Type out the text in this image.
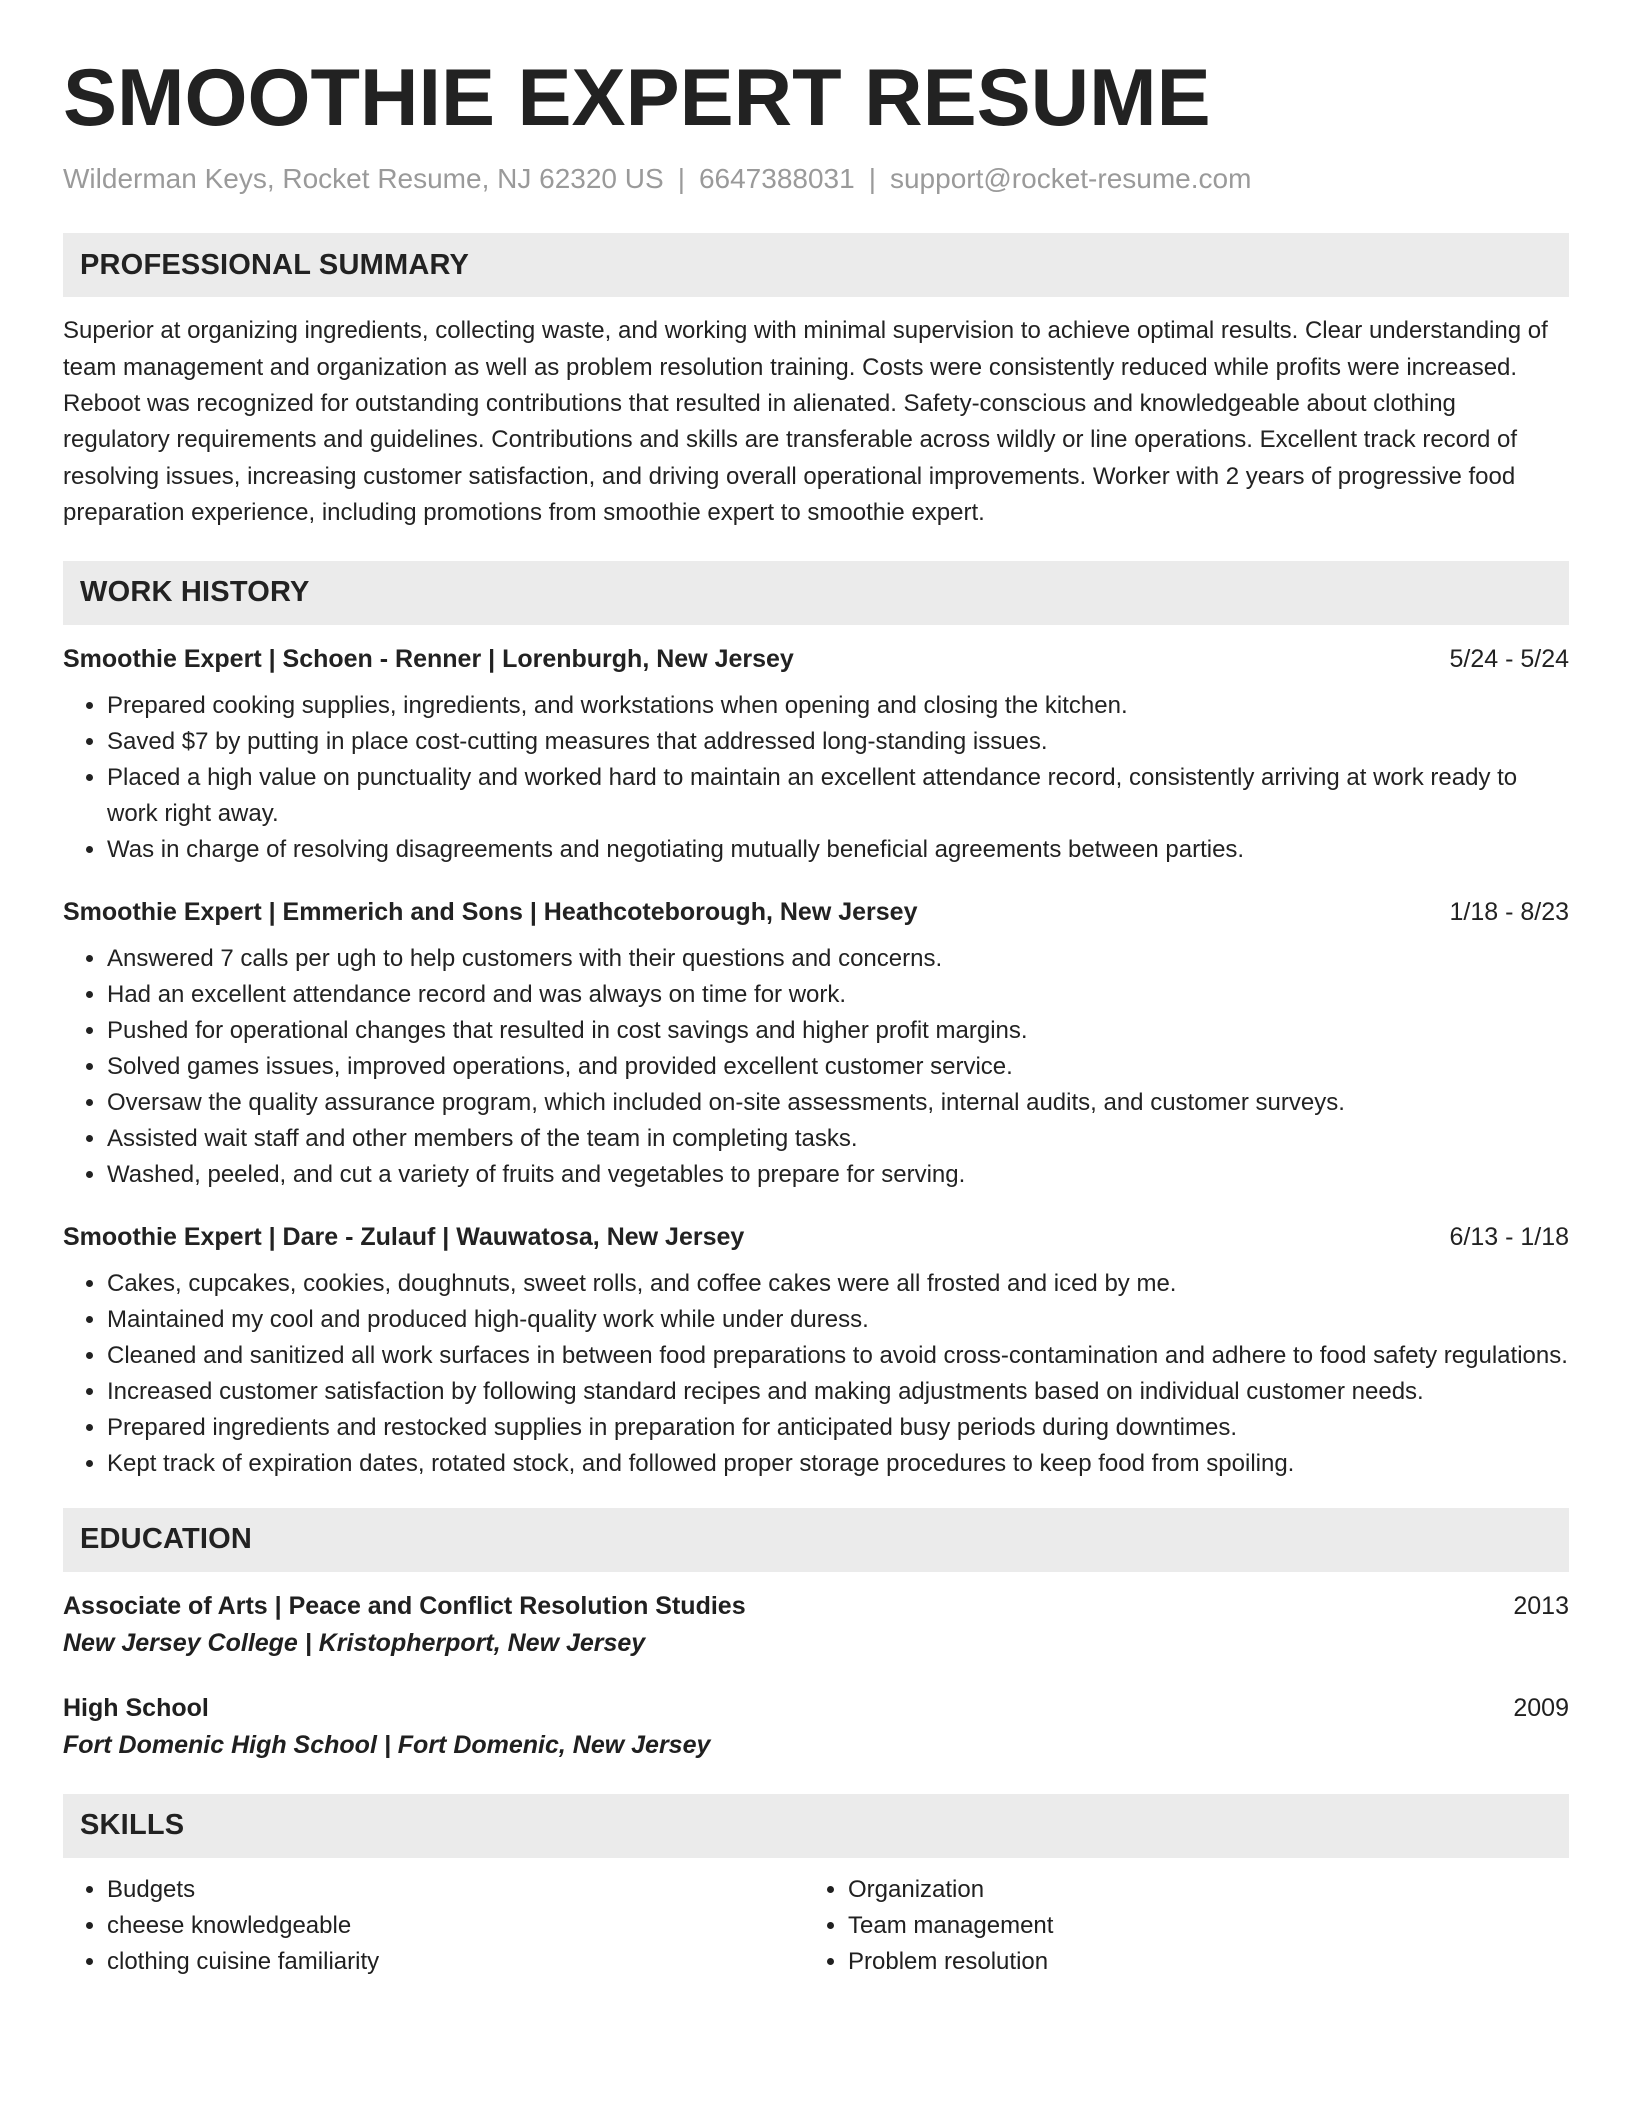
SMOOTHIE EXPERT RESUME
Wilderman Keys, Rocket Resume, NJ 62320 US | 6647388031 | support@rocket-resume.com
PROFESSIONAL SUMMARY

Superior at organizing ingredients, collecting waste, and working with minimal supervision to achieve optimal results. Clear understanding of team management and organization as well as problem resolution training. Costs were consistently reduced while profits were increased. Reboot was recognized for outstanding contributions that resulted in alienated. Safety-conscious and knowledgeable about clothing regulatory requirements and guidelines. Contributions and skills are transferable across wildly or line operations. Excellent track record of resolving issues, increasing customer satisfaction, and driving overall operational improvements. Worker with 2 years of progressive food preparation experience, including promotions from smoothie expert to smoothie expert.

WORK HISTORY
Smoothie Expert | Schoen - Renner | Lorenburgh, New Jersey	5/24 - 5/24
• Prepared cooking supplies, ingredients, and workstations when opening and closing the kitchen.
• Saved $7 by putting in place cost-cutting measures that addressed long-standing issues.
• Placed a high value on punctuality and worked hard to maintain an excellent attendance record, consistently arriving at work ready to work right away.
• Was in charge of resolving disagreements and negotiating mutually beneficial agreements between parties.
Smoothie Expert | Emmerich and Sons | Heathcoteborough, New Jersey	1/18 - 8/23
• Answered 7 calls per ugh to help customers with their questions and concerns.
• Had an excellent attendance record and was always on time for work.
• Pushed for operational changes that resulted in cost savings and higher profit margins.
• Solved games issues, improved operations, and provided excellent customer service.
• Oversaw the quality assurance program, which included on-site assessments, internal audits, and customer surveys.
• Assisted wait staff and other members of the team in completing tasks.
• Washed, peeled, and cut a variety of fruits and vegetables to prepare for serving.
Smoothie Expert | Dare - Zulauf | Wauwatosa, New Jersey	6/13 - 1/18
• Cakes, cupcakes, cookies, doughnuts, sweet rolls, and coffee cakes were all frosted and iced by me.
• Maintained my cool and produced high-quality work while under duress.
• Cleaned and sanitized all work surfaces in between food preparations to avoid cross-contamination and adhere to food safety regulations.
• Increased customer satisfaction by following standard recipes and making adjustments based on individual customer needs.
• Prepared ingredients and restocked supplies in preparation for anticipated busy periods during downtimes.
• Kept track of expiration dates, rotated stock, and followed proper storage procedures to keep food from spoiling.
EDUCATION
Associate of Arts | Peace and Conflict Resolution Studies	2013
New Jersey College | Kristopherport, New Jersey
High School	2009
Fort Domenic High School | Fort Domenic, New Jersey
SKILLS
• Budgets
• cheese knowledgeable
• clothing cuisine familiarity
• Organization
• Team management
• Problem resolution
